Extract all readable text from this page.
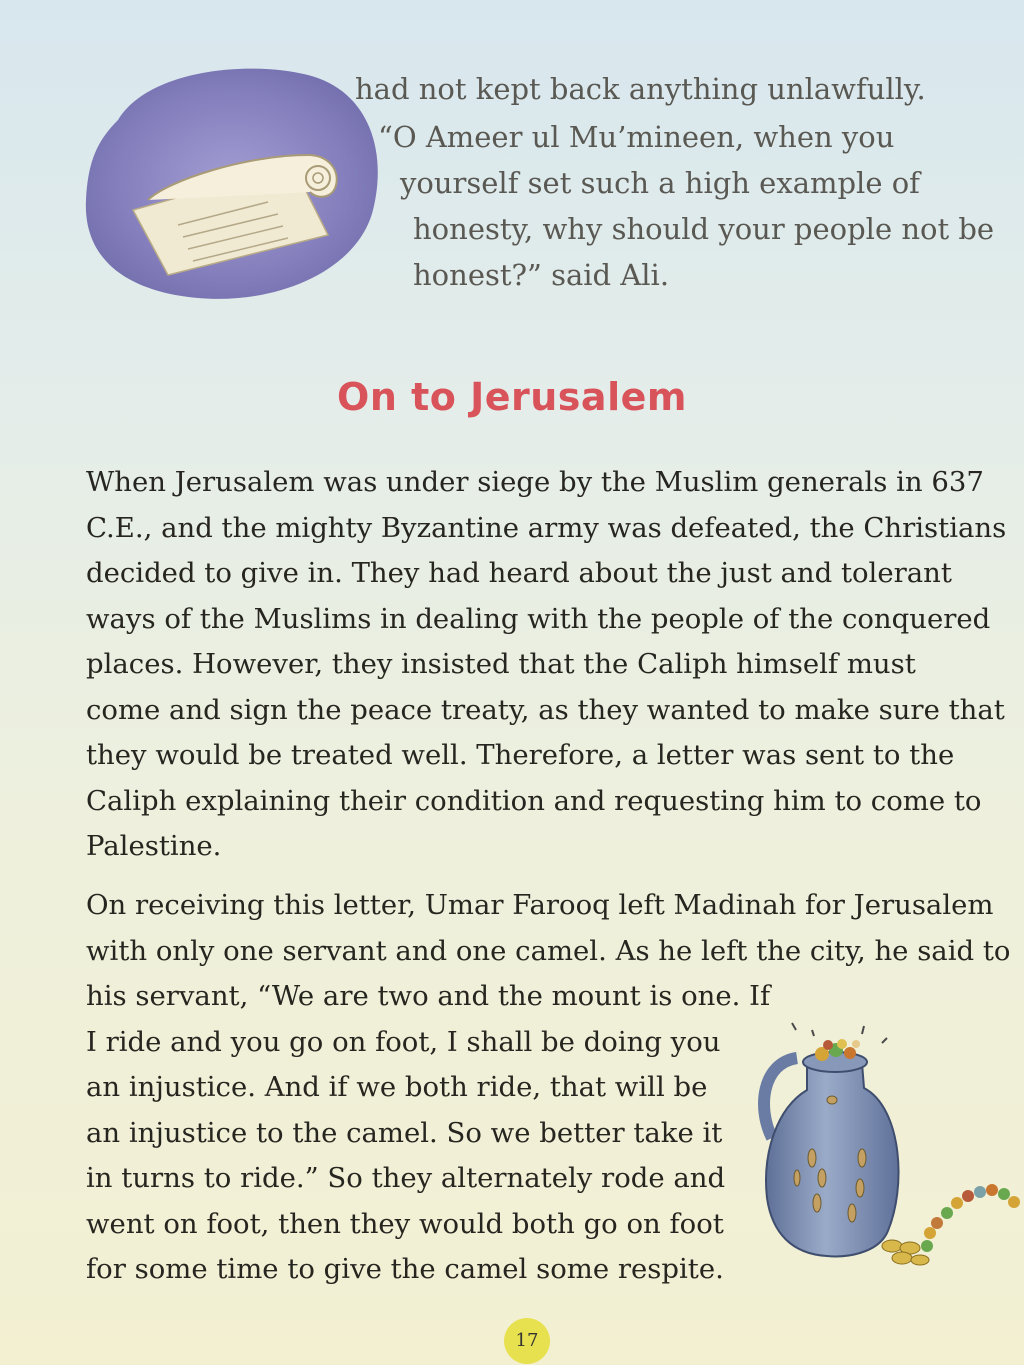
had not kept back anything unlawfully.
“O Ameer ul Mu’mineen, when you
yourself set such a high example of
honesty, why should your people not be
honest?” said Ali.
On to Jerusalem
When Jerusalem was under siege by the Muslim generals in 637
C.E., and the mighty Byzantine army was defeated, the Christians
decided to give in. They had heard about the just and tolerant
ways of the Muslims in dealing with the people of the conquered
places. However, they insisted that the Caliph himself must
come and sign the peace treaty, as they wanted to make sure that
they would be treated well. Therefore, a letter was sent to the
Caliph explaining their condition and requesting him to come to
Palestine.
On receiving this letter, Umar Farooq left Madinah for Jerusalem
with only one servant and one camel. As he left the city, he said to
his servant, “We are two and the mount is one. If
I ride and you go on foot, I shall be doing you
an injustice. And if we both ride, that will be
an injustice to the camel. So we better take it
in turns to ride.” So they alternately rode and
went on foot, then they would both go on foot
for some time to give the camel some respite.
17
